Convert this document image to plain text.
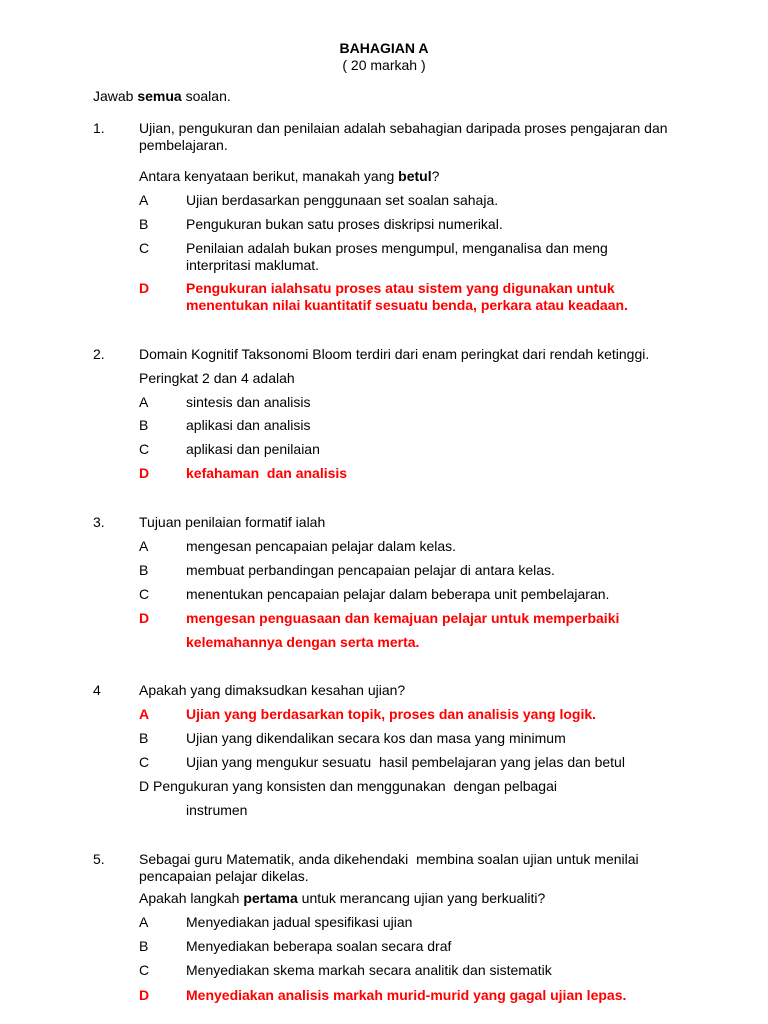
BAHAGIAN A
( 20 markah )
Jawab semua soalan.
1. Ujian, pengukuran dan penilaian adalah sebahagian daripada proses pengajaran dan pembelajaran.
Antara kenyataan berikut, manakah yang betul?
A	Ujian berdasarkan penggunaan set soalan sahaja.
B	Pengukuran bukan satu proses diskripsi numerikal.
C	Penilaian adalah bukan proses mengumpul, menganalisa dan meng interpritasi maklumat.
D	Pengukuran ialahsatu proses atau sistem yang digunakan untuk menentukan nilai kuantitatif sesuatu benda, perkara atau keadaan.
2. Domain Kognitif Taksonomi Bloom terdiri dari enam peringkat dari rendah ketinggi.
Peringkat 2 dan 4 adalah
A	sintesis dan analisis
B	aplikasi dan analisis
C	aplikasi dan penilaian
D	kefahaman  dan analisis
3. Tujuan penilaian formatif ialah
A	mengesan pencapaian pelajar dalam kelas.
B	membuat perbandingan pencapaian pelajar di antara kelas.
C	menentukan pencapaian pelajar dalam beberapa unit pembelajaran.
D	mengesan penguasaan dan kemajuan pelajar untuk memperbaiki
kelemahannya dengan serta merta.
4	Apakah yang dimaksudkan kesahan ujian?
A	Ujian yang berdasarkan topik, proses dan analisis yang logik.
B	Ujian yang dikendalikan secara kos dan masa yang minimum
C	Ujian yang mengukur sesuatu  hasil pembelajaran yang jelas dan betul
D Pengukuran yang konsisten dan menggunakan  dengan pelbagai
instrumen
5. Sebagai guru Matematik, anda dikehendaki  membina soalan ujian untuk menilai pencapaian pelajar dikelas.
Apakah langkah pertama untuk merancang ujian yang berkualiti?
A	Menyediakan jadual spesifikasi ujian
B	Menyediakan beberapa soalan secara draf
C	Menyediakan skema markah secara analitik dan sistematik
D	Menyediakan analisis markah murid-murid yang gagal ujian lepas.
